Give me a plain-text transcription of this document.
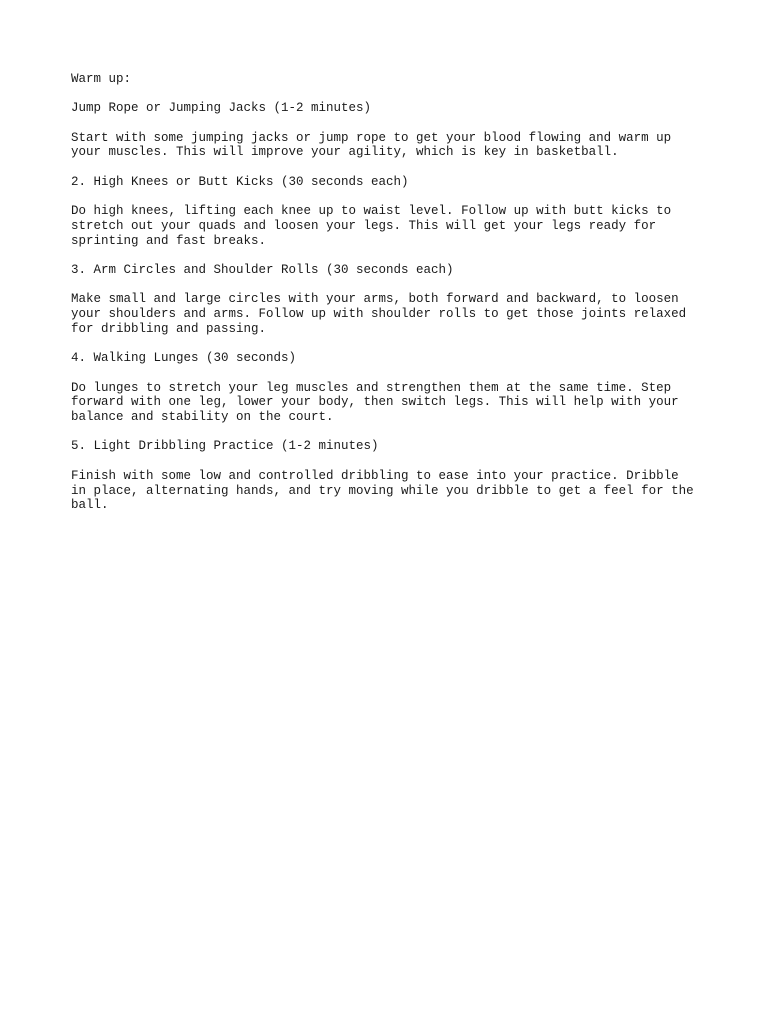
Warm up:

Jump Rope or Jumping Jacks (1-2 minutes)

Start with some jumping jacks or jump rope to get your blood flowing and warm up
your muscles. This will improve your agility, which is key in basketball.

2. High Knees or Butt Kicks (30 seconds each)

Do high knees, lifting each knee up to waist level. Follow up with butt kicks to
stretch out your quads and loosen your legs. This will get your legs ready for
sprinting and fast breaks.

3. Arm Circles and Shoulder Rolls (30 seconds each)

Make small and large circles with your arms, both forward and backward, to loosen
your shoulders and arms. Follow up with shoulder rolls to get those joints relaxed
for dribbling and passing.

4. Walking Lunges (30 seconds)

Do lunges to stretch your leg muscles and strengthen them at the same time. Step
forward with one leg, lower your body, then switch legs. This will help with your
balance and stability on the court.

5. Light Dribbling Practice (1-2 minutes)

Finish with some low and controlled dribbling to ease into your practice. Dribble
in place, alternating hands, and try moving while you dribble to get a feel for the
ball.
